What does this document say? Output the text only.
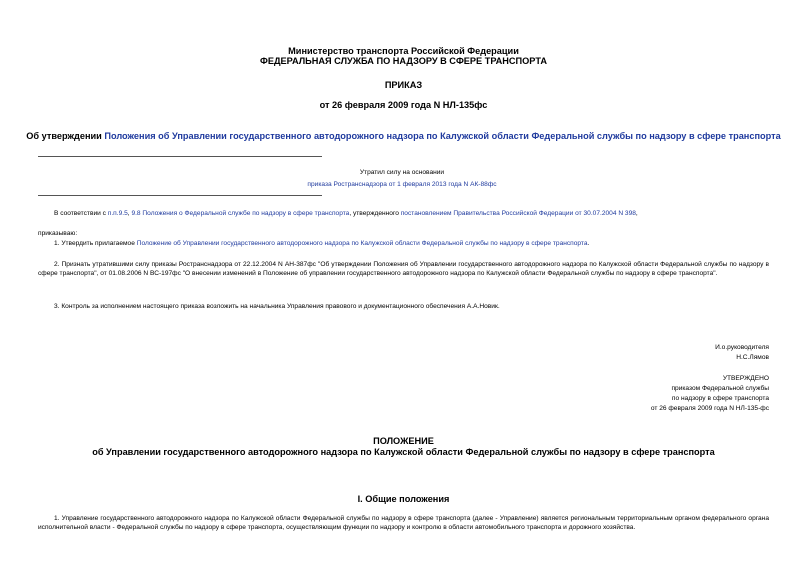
Министерство транспорта Российской Федерации
ФЕДЕРАЛЬНАЯ СЛУЖБА ПО НАДЗОРУ В СФЕРЕ ТРАНСПОРТА
ПРИКАЗ
от 26 февраля 2009 года N НЛ-135фс
Об утверждении Положения об Управлении государственного автодорожного надзора по Калужской области Федеральной службы по надзору в сфере транспорта
Утратил силу на основании
приказа Ространснадзора от 1 февраля 2013 года N АК-88фс
В соответствии с п.п.9.5, 9.8 Положения о Федеральной службе по надзору в сфере транспорта, утвержденного постановлением Правительства Российской Федерации от 30.07.2004 N 398,
приказываю:
1. Утвердить прилагаемое Положение об Управлении государственного автодорожного надзора по Калужской области Федеральной службы по надзору в сфере транспорта.
2. Признать утратившими силу приказы Ространснадзора от 22.12.2004 N АН-387фс "Об утверждении Положения об Управлении государственного автодорожного надзора по Калужской области Федеральной службы по надзору в сфере транспорта", от 01.08.2006 N ВС-197фс "О внесении изменений в Положение об управлении государственного автодорожного надзора по Калужской области Федеральной службы по надзору в сфере транспорта".
3. Контроль за исполнением настоящего приказа возложить на начальника Управления правового и документационного обеспечения А.А.Новик.
И.о.руководителя
Н.С.Лямов
УТВЕРЖДЕНО
приказом Федеральной службы
по надзору в сфере транспорта
от 26 февраля 2009 года N НЛ-135-фс
ПОЛОЖЕНИЕ
об Управлении государственного автодорожного надзора по Калужской области Федеральной службы по надзору в сфере транспорта
I. Общие положения
1. Управление государственного автодорожного надзора по Калужской области Федеральной службы по надзору в сфере транспорта (далее - Управление) является региональным территориальным органом федерального органа исполнительной власти - Федеральной службы по надзору в сфере транспорта, осуществляющим функции по надзору и контролю в области автомобильного транспорта и дорожного хозяйства.
